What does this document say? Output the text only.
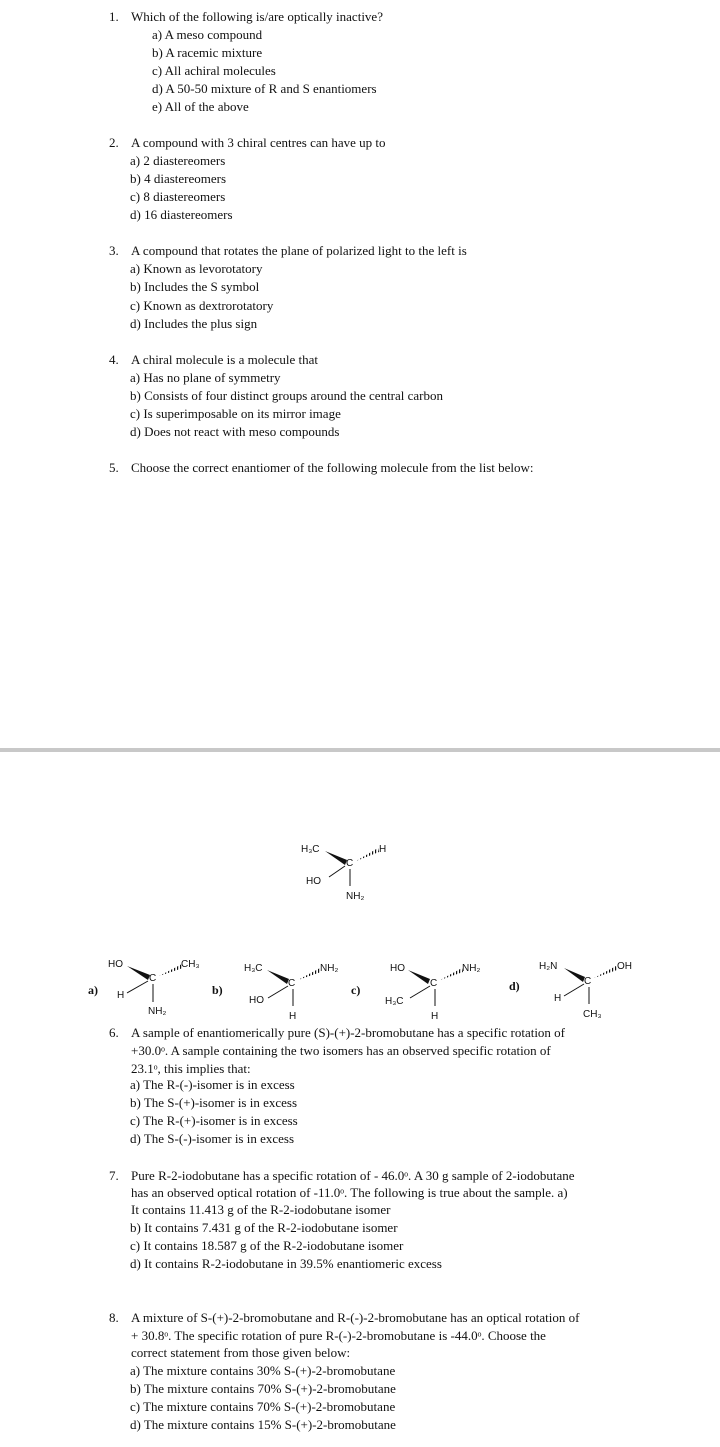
1. Which of the following is/are optically inactive?
a) A meso compound
b) A racemic mixture
c) All achiral molecules
d) A 50-50 mixture of R and S enantiomers
e) All of the above
2. A compound with 3 chiral centres can have up to
a) 2 diastereomers
b) 4 diastereomers
c) 8 diastereomers
d) 16 diastereomers
3. A compound that rotates the plane of polarized light to the left is
a) Known as levorotatory
b) Includes the S symbol
c) Known as dextrorotatory
d) Includes the plus sign
4. A chiral molecule is a molecule that
a) Has no plane of symmetry
b) Consists of four distinct groups around the central carbon
c) Is superimposable on its mirror image
d) Does not react with meso compounds
5. Choose the correct enantiomer of the following molecule from the list below:
H₃C
C
H
HO
NH₂
a)
HO
C
CH₃
H
NH₂
b)
H₃C
C
NH₂
HO
H
c)
HO
C
NH₂
H₃C
H
d)
H₂N
C
OH
H
CH₃
6. A sample of enantiomerically pure (S)-(+)-2-bromobutane has a specific rotation of
+30.0ᵒ. A sample containing the two isomers has an observed specific rotation of
23.1ᵒ, this implies that:
a) The R-(-)-isomer is in excess
b) The S-(+)-isomer is in excess
c) The R-(+)-isomer is in excess
d) The S-(-)-isomer is in excess
7. Pure R-2-iodobutane has a specific rotation of - 46.0ᵒ. A 30 g sample of 2-iodobutane
has an observed optical rotation of -11.0ᵒ. The following is true about the sample. a)
It contains 11.413 g of the R-2-iodobutane isomer
b) It contains 7.431 g of the R-2-iodobutane isomer
c) It contains 18.587 g of the R-2-iodobutane isomer
d) It contains R-2-iodobutane in 39.5% enantiomeric excess
8. A mixture of S-(+)-2-bromobutane and R-(-)-2-bromobutane has an optical rotation of
+ 30.8ᵒ. The specific rotation of pure R-(-)-2-bromobutane is -44.0ᵒ. Choose the
correct statement from those given below:
a) The mixture contains 30% S-(+)-2-bromobutane
b) The mixture contains 70% S-(+)-2-bromobutane
c) The mixture contains 70% S-(+)-2-bromobutane
d) The mixture contains 15% S-(+)-2-bromobutane
